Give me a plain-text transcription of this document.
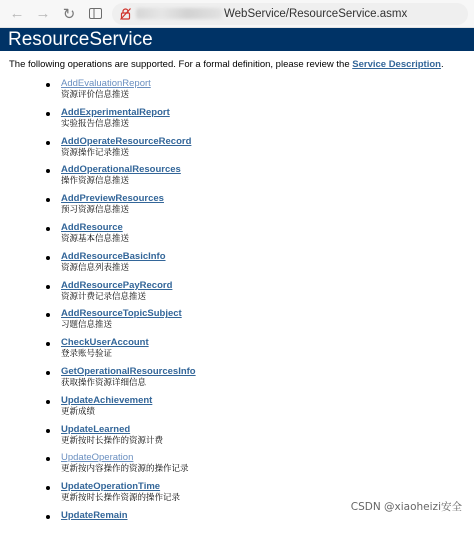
← → ↻	WebService/ResourceService.asmx
ResourceService
The following operations are supported. For a formal definition, please review the Service Description.
AddEvaluationReport
资源评价信息推送
AddExperimentalReport
实验报告信息推送
AddOperateResourceRecord
资源操作记录推送
AddOperationalResources
操作资源信息推送
AddPreviewResources
预习资源信息推送
AddResource
资源基本信息推送
AddResourceBasicInfo
资源信息列表推送
AddResourcePayRecord
资源计费记录信息推送
AddResourceTopicSubject
习题信息推送
CheckUserAccount
登录账号验证
GetOperationalResourcesInfo
获取操作资源详细信息
UpdateAchievement
更新成绩
UpdateLearned
更新按时长操作的资源计费
UpdateOperation
更新按内容操作的资源的操作记录
UpdateOperationTime
更新按时长操作资源的操作记录
UpdateRemain
CSDN @xiaoheizi安全
